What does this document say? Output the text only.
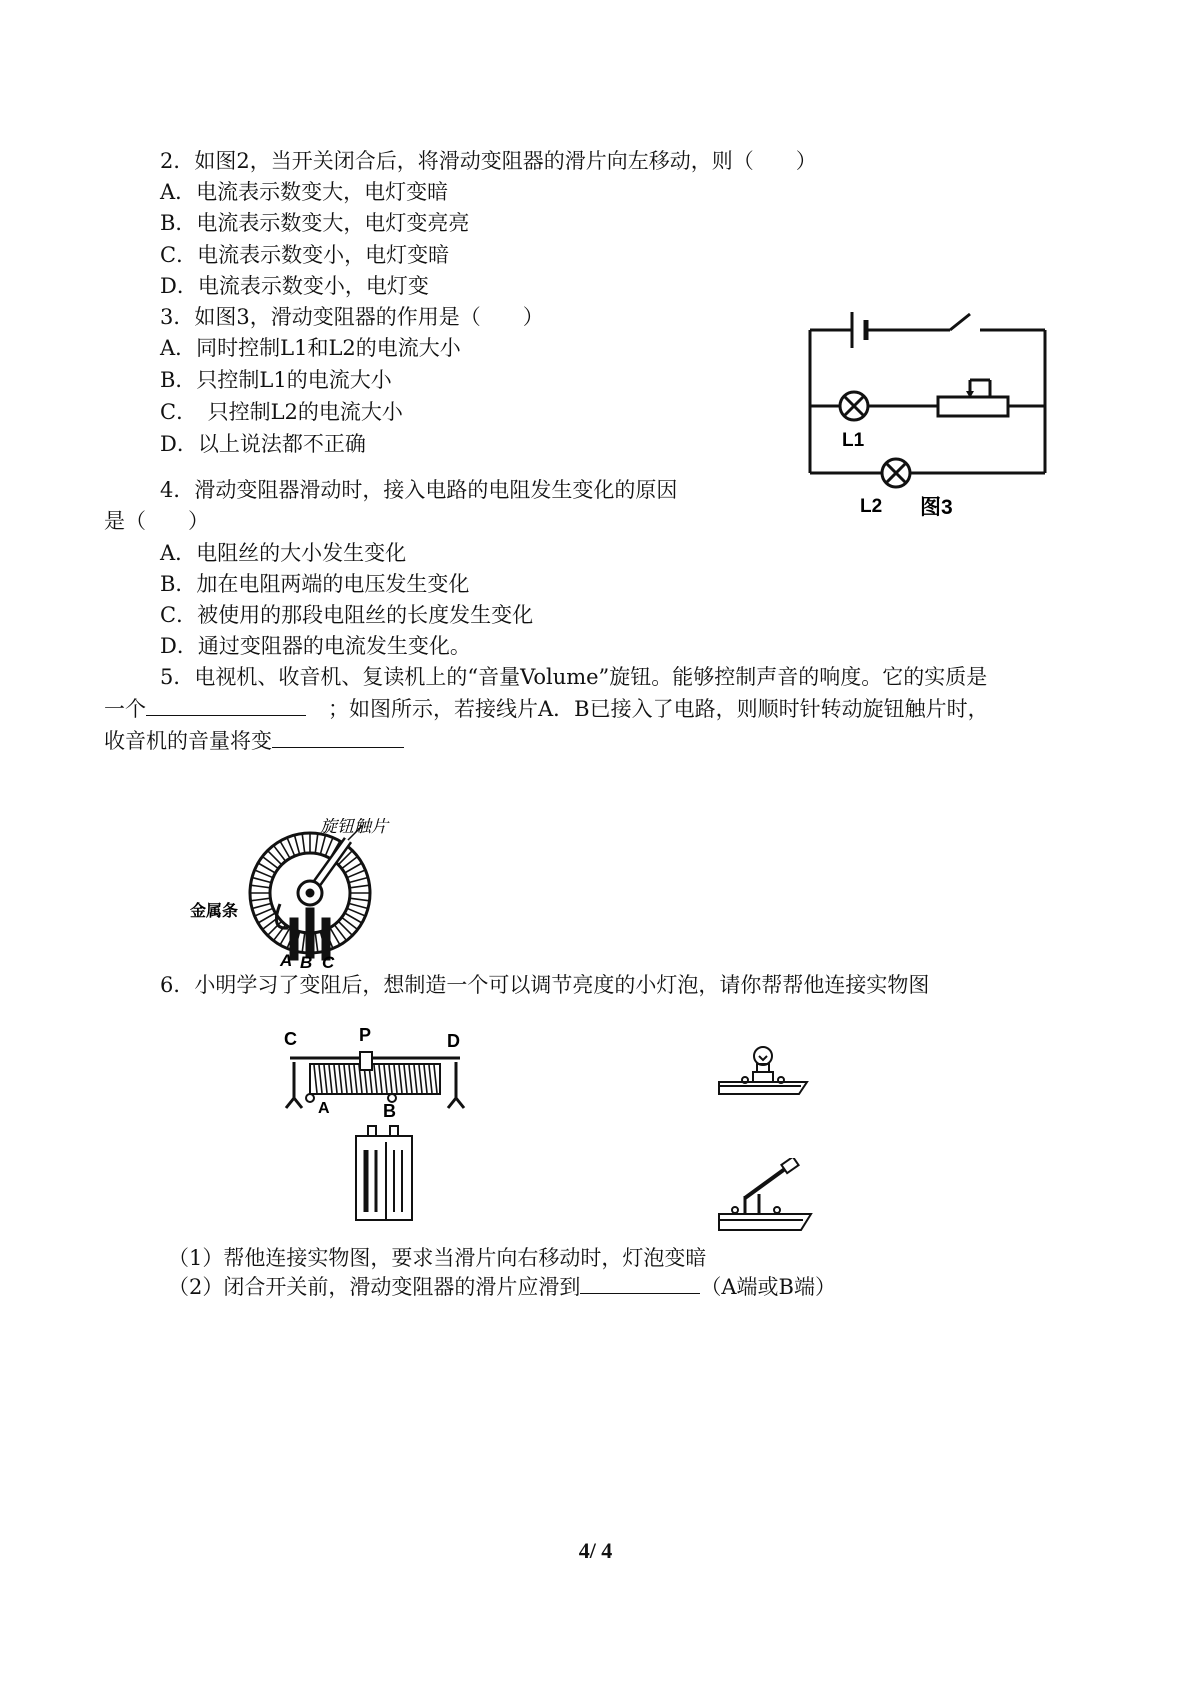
2．如图2，当开关闭合后，将滑动变阻器的滑片向左移动，则（　　）
A．电流表示数变大，电灯变暗
B．电流表示数变大，电灯变亮亮
C．电流表示数变小，电灯变暗
D．电流表示数变小，电灯变
3．如图3，滑动变阻器的作用是（　　）
A．同时控制L1和L2的电流大小
B．只控制L1的电流大小
C．　只控制L2的电流大小
D．以上说法都不正确	L1
L2 图3
4．滑动变阻器滑动时，接入电路的电阻发生变化的原因
是（　　）
A．电阻丝的大小发生变化
B．加在电阻两端的电压发生变化
C．被使用的那段电阻丝的长度发生变化
D．通过变阻器的电流发生变化。
5．电视机、收音机、复读机上的“音量Volume”旋钮。能够控制声音的响度。它的实质是
一个	；如图所示，若接线片A．B已接入了电路，则顺时针转动旋钮触片时，
收音机的音量将变
旋钮触片
金属条
A B C
6．小明学习了变阻后，想制造一个可以调节亮度的小灯泡，请你帮帮他连接实物图
C	P	D
A	B
（1）帮他连接实物图，要求当滑片向右移动时，灯泡变暗
（2）闭合开关前，滑动变阻器的滑片应滑到	（A端或B端）
4/ 4
